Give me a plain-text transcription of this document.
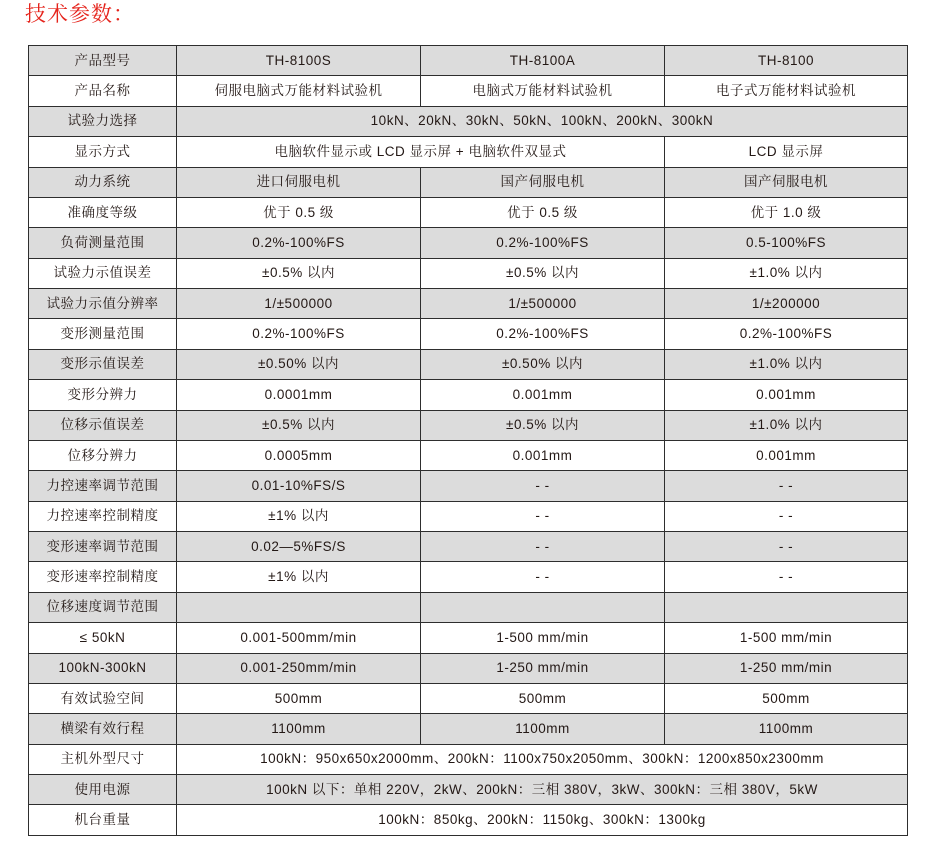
技术参数：
产品型号	TH-8100S	TH-8100A	TH-8100
产品名称	伺服电脑式万能材料试验机	电脑式万能材料试验机	电子式万能材料试验机
试验力选择	10kN、20kN、30kN、50kN、100kN、200kN、300kN		
显示方式	电脑软件显示或 LCD 显示屏 + 电脑软件双显式		LCD 显示屏
动力系统	进口伺服电机	国产伺服电机	国产伺服电机
准确度等级	优于 0.5 级	优于 0.5 级	优于 1.0 级
负荷测量范围	0.2%-100%FS	0.2%-100%FS	0.5-100%FS
试验力示值误差	±0.5% 以内	±0.5% 以内	±1.0% 以内
试验力示值分辨率	1/±500000	1/±500000	1/±200000
变形测量范围	0.2%-100%FS	0.2%-100%FS	0.2%-100%FS
变形示值误差	±0.50% 以内	±0.50% 以内	±1.0% 以内
变形分辨力	0.0001mm	0.001mm	0.001mm
位移示值误差	±0.5% 以内	±0.5% 以内	±1.0% 以内
位移分辨力	0.0005mm	0.001mm	0.001mm
力控速率调节范围	0.01-10%FS/S	- -	- -
力控速率控制精度	±1% 以内	- -	- -
变形速率调节范围	0.02—5%FS/S	- -	- -
变形速率控制精度	±1% 以内	- -	- -
位移速度调节范围			
≤ 50kN	0.001-500mm/min	1-500 mm/min	1-500 mm/min
100kN-300kN	0.001-250mm/min	1-250 mm/min	1-250 mm/min
有效试验空间	500mm	500mm	500mm
横梁有效行程	1100mm	1100mm	1100mm
主机外型尺寸	100kN：950x650x2000mm、200kN：1100x750x2050mm、300kN：1200x850x2300mm		
使用电源	100kN 以下：单相 220V，2kW、200kN：三相 380V，3kW、300kN：三相 380V，5kW		
机台重量	100kN：850kg、200kN：1150kg、300kN：1300kg		
